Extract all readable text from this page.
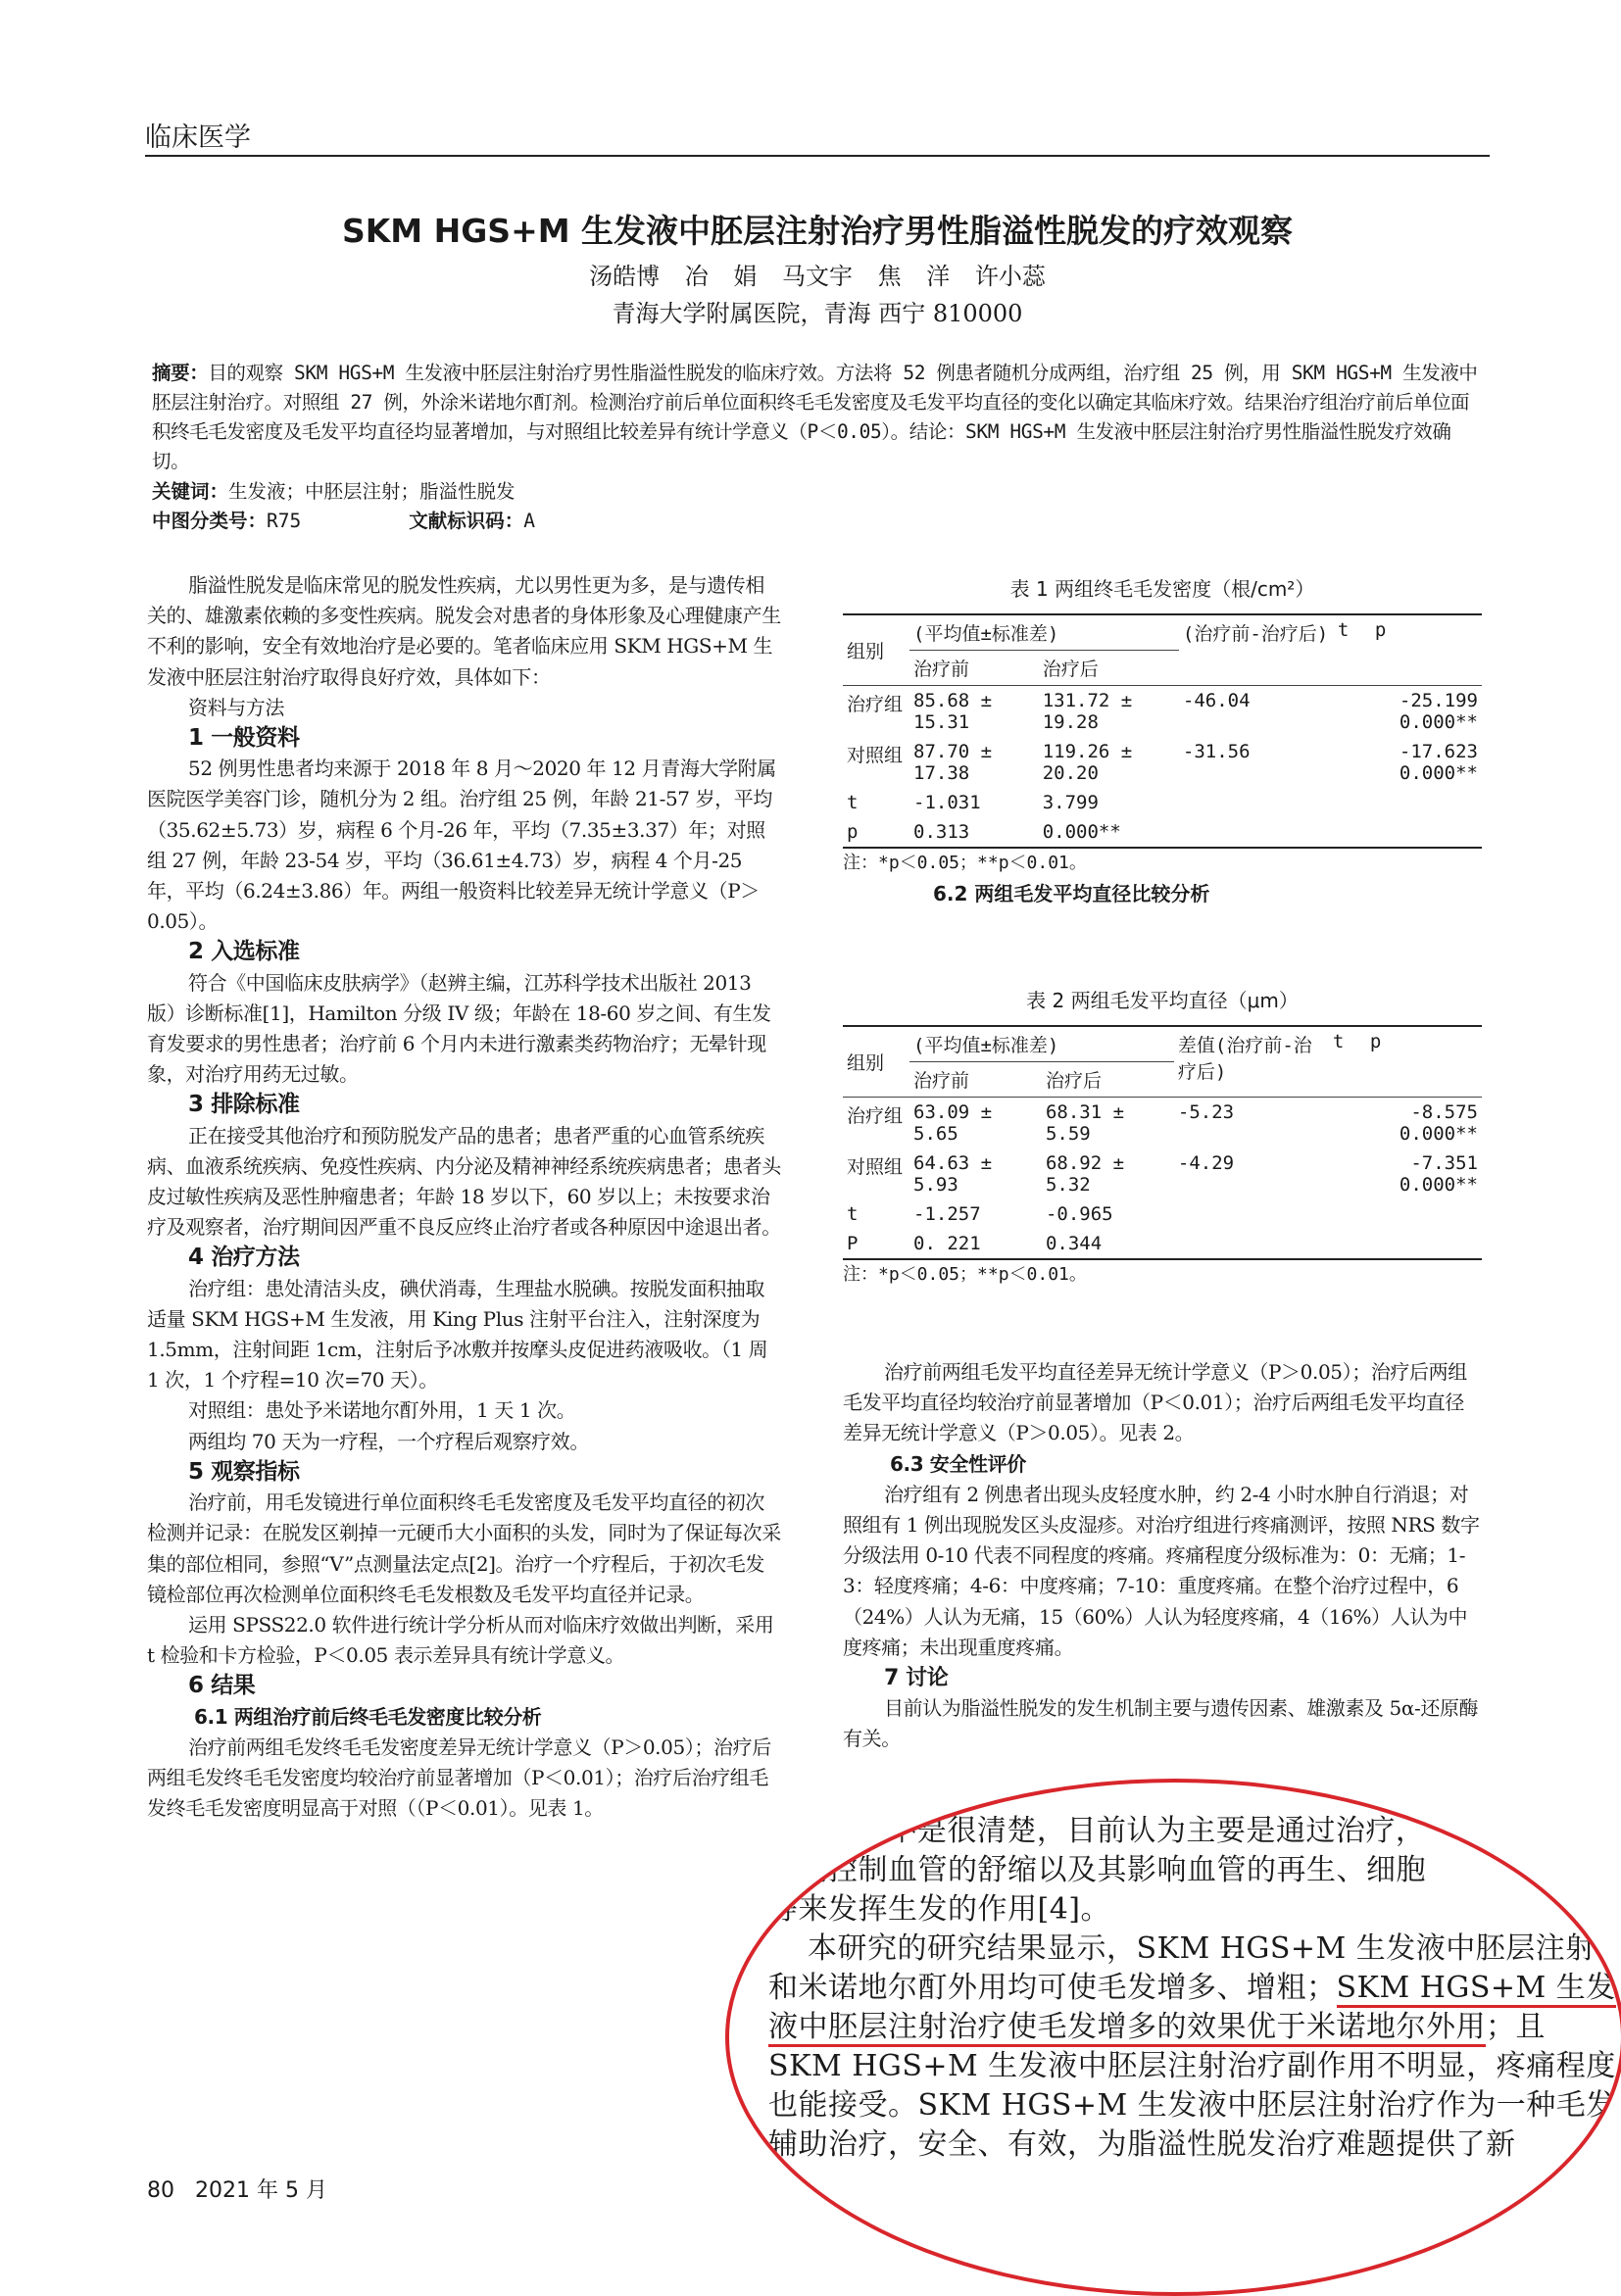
临床医学
SKM HGS+M 生发液中胚层注射治疗男性脂溢性脱发的疗效观察
汤皓博 冶 娟 马文宇 焦 洋 许小蕊
青海大学附属医院，青海 西宁 810000
摘要：目的观察 SKM HGS+M 生发液中胚层注射治疗男性脂溢性脱发的临床疗效。方法将 52 例患者随机分成两组，治疗组 25 例，用 SKM HGS+M 生发液中胚层注射治疗。对照组 27 例，外涂米诺地尔酊剂。检测治疗前后单位面积终毛毛发密度及毛发平均直径的变化以确定其临床疗效。结果治疗组治疗前后单位面积终毛毛发密度及毛发平均直径均显著增加，与对照组比较差异有统计学意义（P＜0.05）。结论：SKM HGS+M 生发液中胚层注射治疗男性脂溢性脱发疗效确切。
关键词：生发液；中胚层注射；脂溢性脱发
中图分类号：R75	文献标识码：A

脂溢性脱发是临床常见的脱发性疾病，尤以男性更为多，是与遗传相关的、雄激素依赖的多变性疾病。脱发会对患者的身体形象及心理健康产生不利的影响，安全有效地治疗是必要的。笔者临床应用 SKM HGS+M 生发液中胚层注射治疗取得良好疗效，具体如下：

资料与方法

1 一般资料

52 例男性患者均来源于 2018 年 8 月～2020 年 12 月青海大学附属医院医学美容门诊，随机分为 2 组。治疗组 25 例，年龄 21-57 岁，平均（35.62±5.73）岁，病程 6 个月-26 年，平均（7.35±3.37）年；对照组 27 例，年龄 23-54 岁，平均（36.61±4.73）岁，病程 4 个月-25 年，平均（6.24±3.86）年。两组一般资料比较差异无统计学意义（P＞0.05）。

2 入选标准

符合《中国临床皮肤病学》（赵辨主编，江苏科学技术出版社 2013 版）诊断标准[1]，Hamilton 分级 IV 级；年龄在 18-60 岁之间、有生发育发要求的男性患者；治疗前 6 个月内未进行激素类药物治疗；无晕针现象，对治疗用药无过敏。

3 排除标准

正在接受其他治疗和预防脱发产品的患者；患者严重的心血管系统疾病、血液系统疾病、免疫性疾病、内分泌及精神神经系统疾病患者；患者头皮过敏性疾病及恶性肿瘤患者；年龄 18 岁以下，60 岁以上；未按要求治疗及观察者，治疗期间因严重不良反应终止治疗者或各种原因中途退出者。

4 治疗方法

治疗组：患处清洁头皮，碘伏消毒，生理盐水脱碘。按脱发面积抽取适量 SKM HGS+M 生发液，用 King Plus 注射平台注入，注射深度为 1.5mm，注射间距 1cm，注射后予冰敷并按摩头皮促进药液吸收。（1 周 1 次，1 个疗程=10 次=70 天）。

对照组：患处予米诺地尔酊外用，1 天 1 次。

两组均 70 天为一疗程，一个疗程后观察疗效。

5 观察指标

治疗前，用毛发镜进行单位面积终毛毛发密度及毛发平均直径的初次检测并记录：在脱发区剃掉一元硬币大小面积的头发，同时为了保证每次采集的部位相同，参照“V”点测量法定点[2]。治疗一个疗程后，于初次毛发镜检部位再次检测单位面积终毛毛发根数及毛发平均直径并记录。

运用 SPSS22.0 软件进行统计学分析从而对临床疗效做出判断，采用 t 检验和卡方检验，P＜0.05 表示差异具有统计学意义。

6 结果

6.1 两组治疗前后终毛毛发密度比较分析

治疗前两组毛发终毛毛发密度差异无统计学意义（P＞0.05）；治疗后两组毛发终毛毛发密度均较治疗前显著增加（P＜0.01）；治疗后治疗组毛发终毛毛发密度明显高于对照（（P＜0.01）。见表 1。

表 1 两组终毛毛发密度（根/cm²）
组别	(平均值±标准差)		(治疗前-治疗后)	t	p
	治疗前	治疗后			
治疗组	85.68 ± 15.31	131.72 ± 19.28	-46.04	-25.199 0.000**	
对照组	87.70 ± 17.38	119.26 ± 20.20	-31.56	-17.623 0.000**	
t	-1.031	3.799			
p	0.313	0.000**			
注：*p＜0.05；**p＜0.01。
6.2 两组毛发平均直径比较分析
表 2 两组毛发平均直径（μm）
组别	(平均值±标准差)		差值(治疗前-治疗后)	t	p
	治疗前	治疗后			
治疗组	63.09 ± 5.65	68.31 ± 5.59	-5.23	-8.575 0.000**	
对照组	64.63 ± 5.93	68.92 ± 5.32	-4.29	-7.351 0.000**	
t	-1.257	-0.965			
P	0. 221	0.344			
注：*p＜0.05；**p＜0.01。

治疗前两组毛发平均直径差异无统计学意义（P＞0.05）；治疗后两组毛发平均直径均较治疗前显著增加（P＜0.01）；治疗后两组毛发平均直径差异无统计学意义（P＞0.05）。见表 2。

6.3 安全性评价

治疗组有 2 例患者出现头皮轻度水肿，约 2-4 小时水肿自行消退；对照组有 1 例出现脱发区头皮湿疹。对治疗组进行疼痛测评，按照 NRS 数字分级法用 0-10 代表不同程度的疼痛。疼痛程度分级标准为：0：无痛；1-3：轻度疼痛；4-6：中度疼痛；7-10：重度疼痛。在整个治疗过程中，6（24%）人认为无痛，15（60%）人认为轻度疼痛，4（16%）人认为中度疼痛；未出现重度疼痛。

7 讨论

目前认为脂溢性脱发的发生机制主要与遗传因素、雄激素及 5α-还原酶有关。

素及 5α 不是很清楚，目前认为主要是通过治疗，
机制控制血管的舒缩以及其影响血管的再生、细胞
等来发挥生发的作用[4]。
本研究的研究结果显示，SKM HGS+M 生发液中胚层注射
和米诺地尔酊外用均可使毛发增多、增粗；SKM HGS+M 生发
液中胚层注射治疗使毛发增多的效果优于米诺地尔外用；且
SKM HGS+M 生发液中胚层注射治疗副作用不明显，疼痛程度
也能接受。SKM HGS+M 生发液中胚层注射治疗作为一种毛发
辅助治疗，安全、有效，为脂溢性脱发治疗难题提供了新
80 2021 年 5 月
